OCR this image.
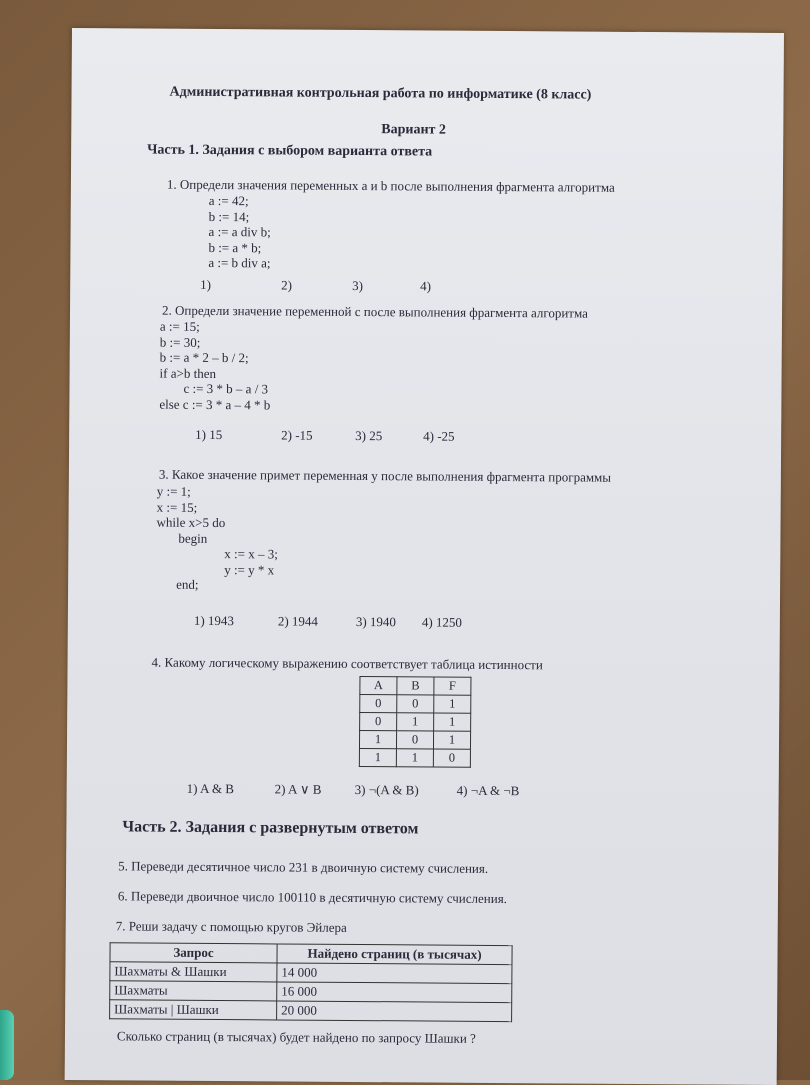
Административная контрольная работа по информатике (8 класс)
Вариант 2
Часть 1. Задания с выбором варианта ответа
1. Определи значения переменных a и b после выполнения фрагмента алгоритма
a := 42;
b := 14;
a := a div b;
b := a * b;
a := b div a;
1)	2)	3)	4)
2. Определи значение переменной c после выполнения фрагмента алгоритма
a := 15;
b := 30;
b := a * 2 – b / 2;
if a>b then
c := 3 * b – a / 3
else c := 3 * a – 4 * b
1) 15	2) -15	3) 25	4) -25
3. Какое значение примет переменная y после выполнения фрагмента программы
y := 1;
x := 15;
while x>5 do
begin
x := x – 3;
y := y * x
end;
1) 1943	2) 1944	3) 1940 4) 1250
4. Какому логическому выражению соответствует таблица истинности
A	B	F
0	0	1
0	1	1
1	0	1
1	1	0
1) A & B	2) A ∨ B	3) ¬(A & B)	4) ¬A & ¬B
Часть 2. Задания с развернутым ответом
5. Переведи десятичное число 231 в двоичную систему счисления.
6. Переведи двоичное число 100110 в десятичную систему счисления.
7. Реши задачу с помощью кругов Эйлера
Запрос	Найдено страниц (в тысячах)
Шахматы & Шашки	14 000
Шахматы	16 000
Шахматы | Шашки	20 000
Сколько страниц (в тысячах) будет найдено по запросу Шашки ?
